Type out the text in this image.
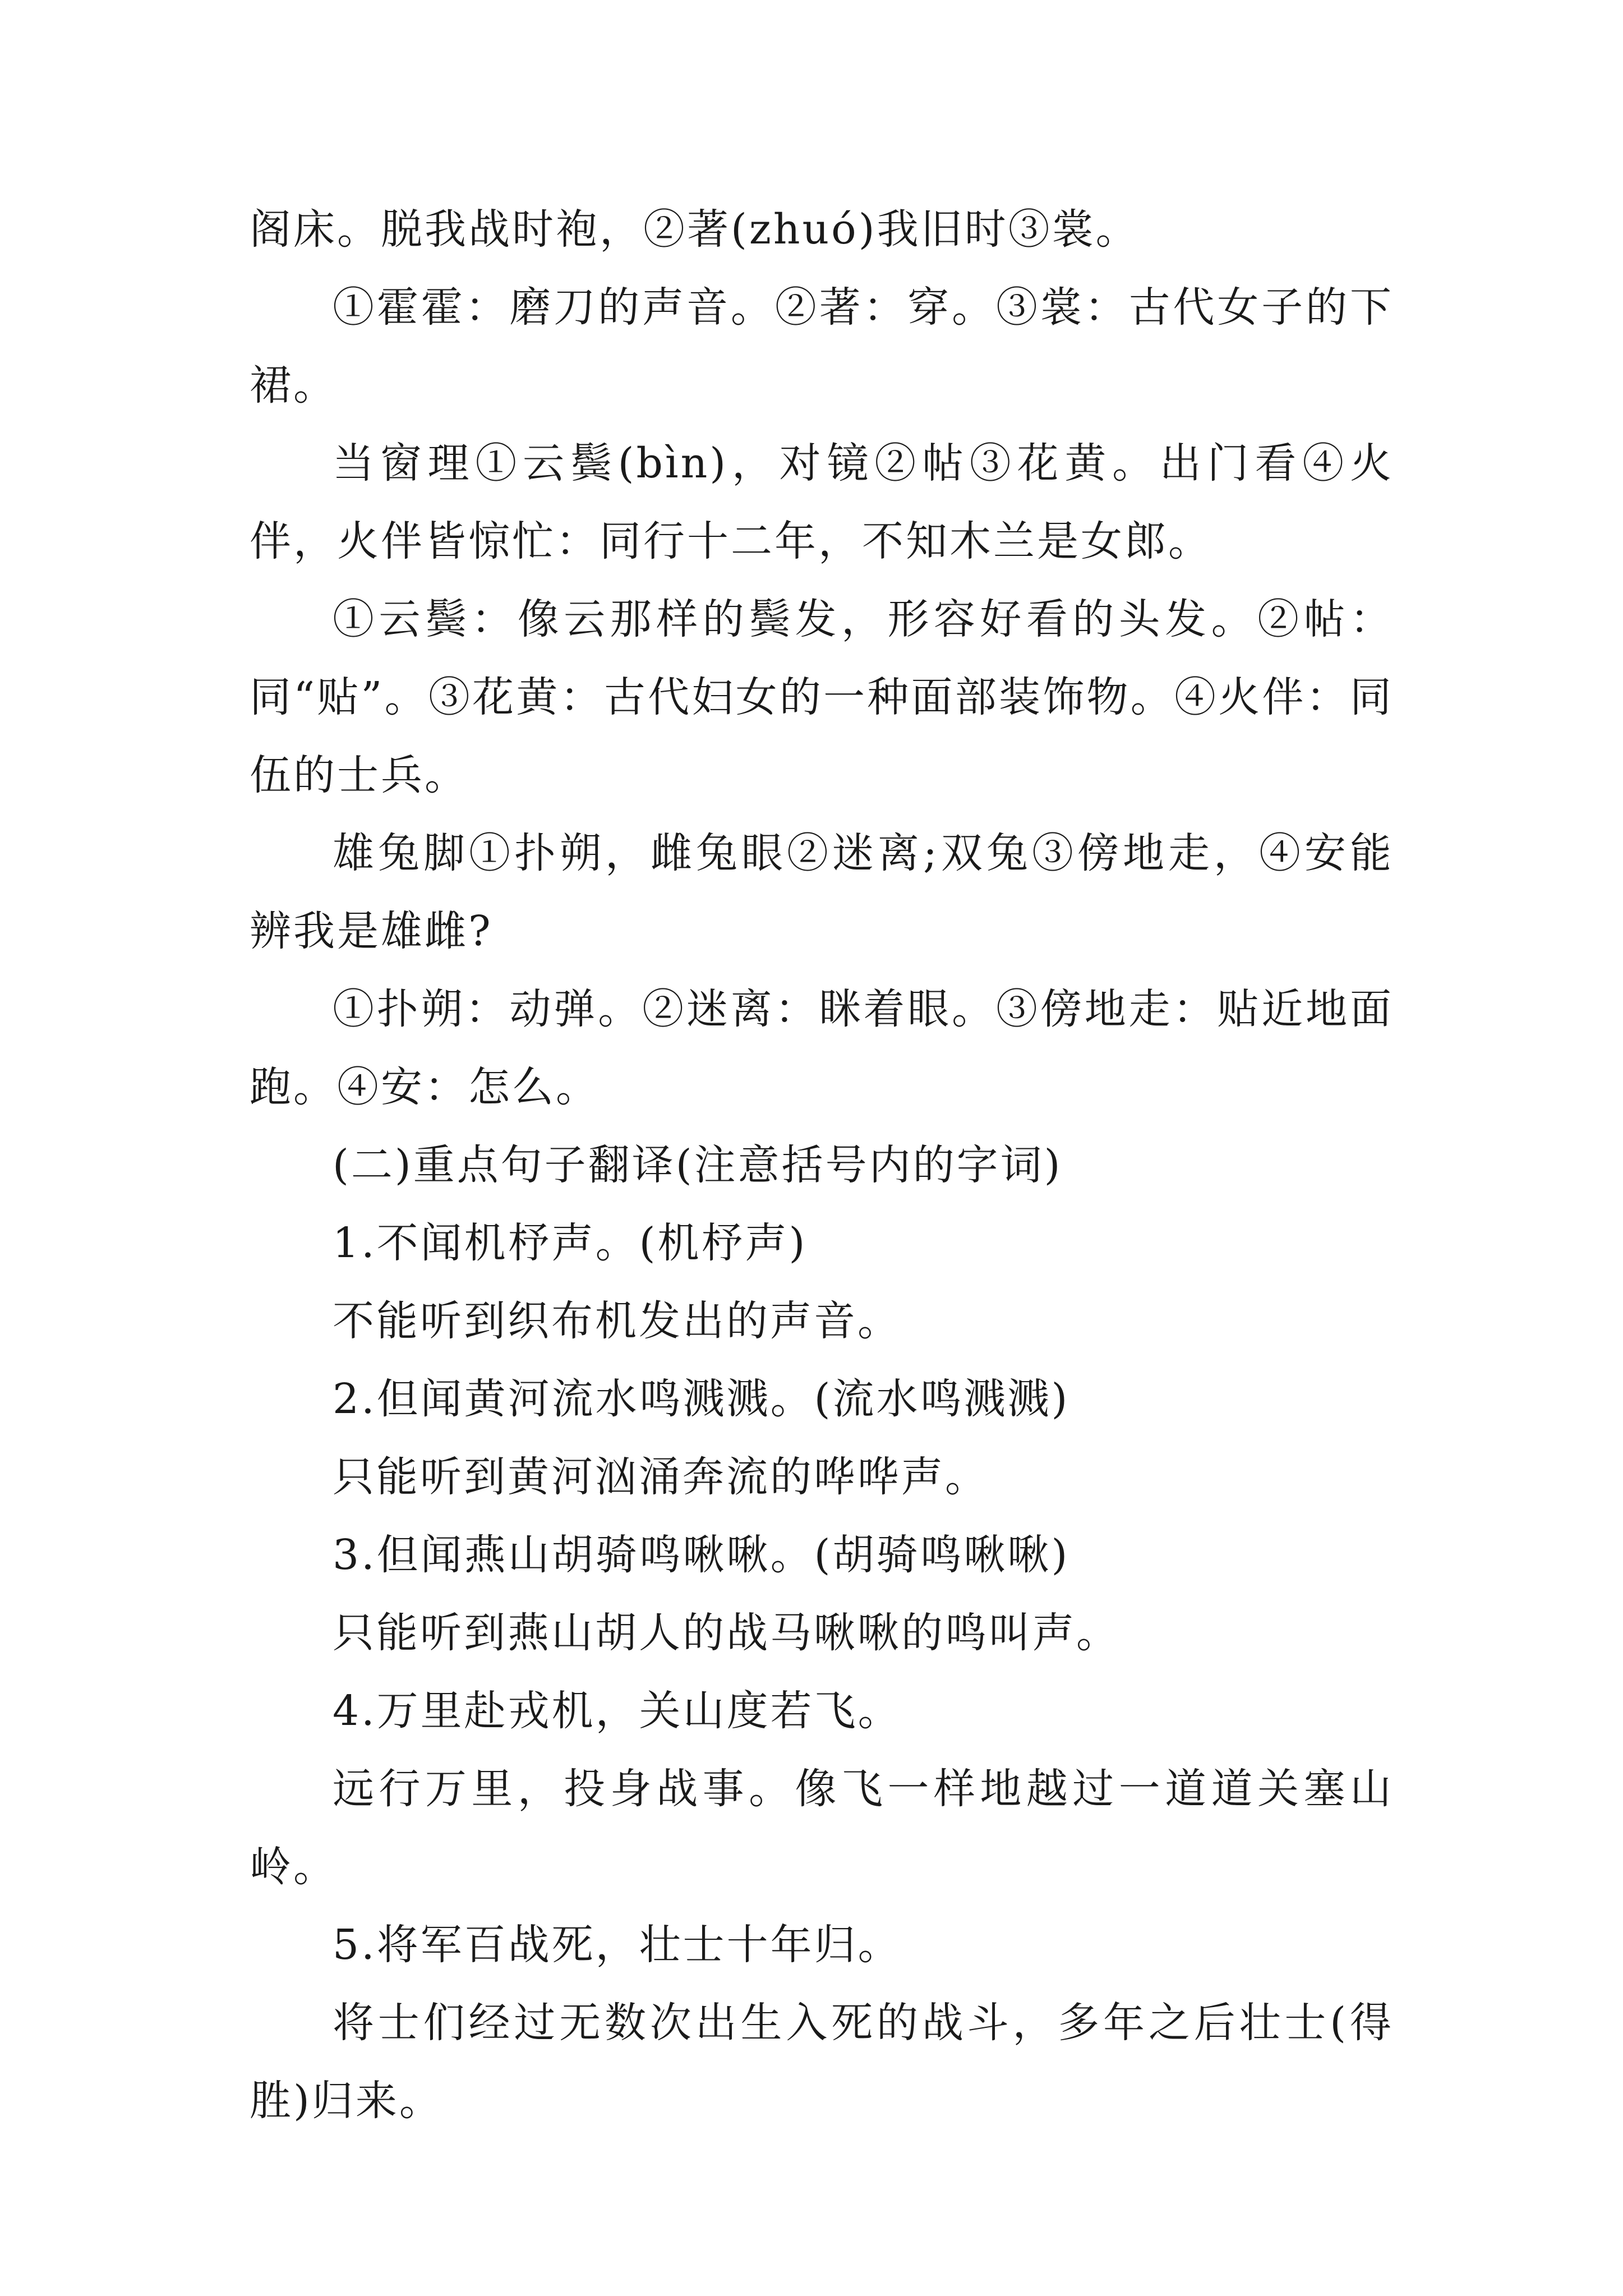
阁床。脱我战时袍，②著(zhuó)我旧时③裳。

①霍霍：磨刀的声音。②著：穿。③裳：古代女子的下裙。

当窗理①云鬓(bìn)，对镜②帖③花黄。出门看④火伴，火伴皆惊忙：同行十二年，不知木兰是女郎。

①云鬓：像云那样的鬓发，形容好看的头发。②帖：同“贴”。③花黄：古代妇女的一种面部装饰物。④火伴：同伍的士兵。

雄兔脚①扑朔，雌兔眼②迷离;双兔③傍地走，④安能辨我是雄雌?

①扑朔：动弹。②迷离：眯着眼。③傍地走：贴近地面跑。④安：怎么。

(二)重点句子翻译(注意括号内的字词)

1.不闻机杼声。(机杼声)

不能听到织布机发出的声音。

2.但闻黄河流水鸣溅溅。(流水鸣溅溅)

只能听到黄河汹涌奔流的哗哗声。

3.但闻燕山胡骑鸣啾啾。(胡骑鸣啾啾)

只能听到燕山胡人的战马啾啾的鸣叫声。

4.万里赴戎机，关山度若飞。

远行万里，投身战事。像飞一样地越过一道道关塞山岭。

5.将军百战死，壮士十年归。

将士们经过无数次出生入死的战斗，多年之后壮士(得胜)归来。
